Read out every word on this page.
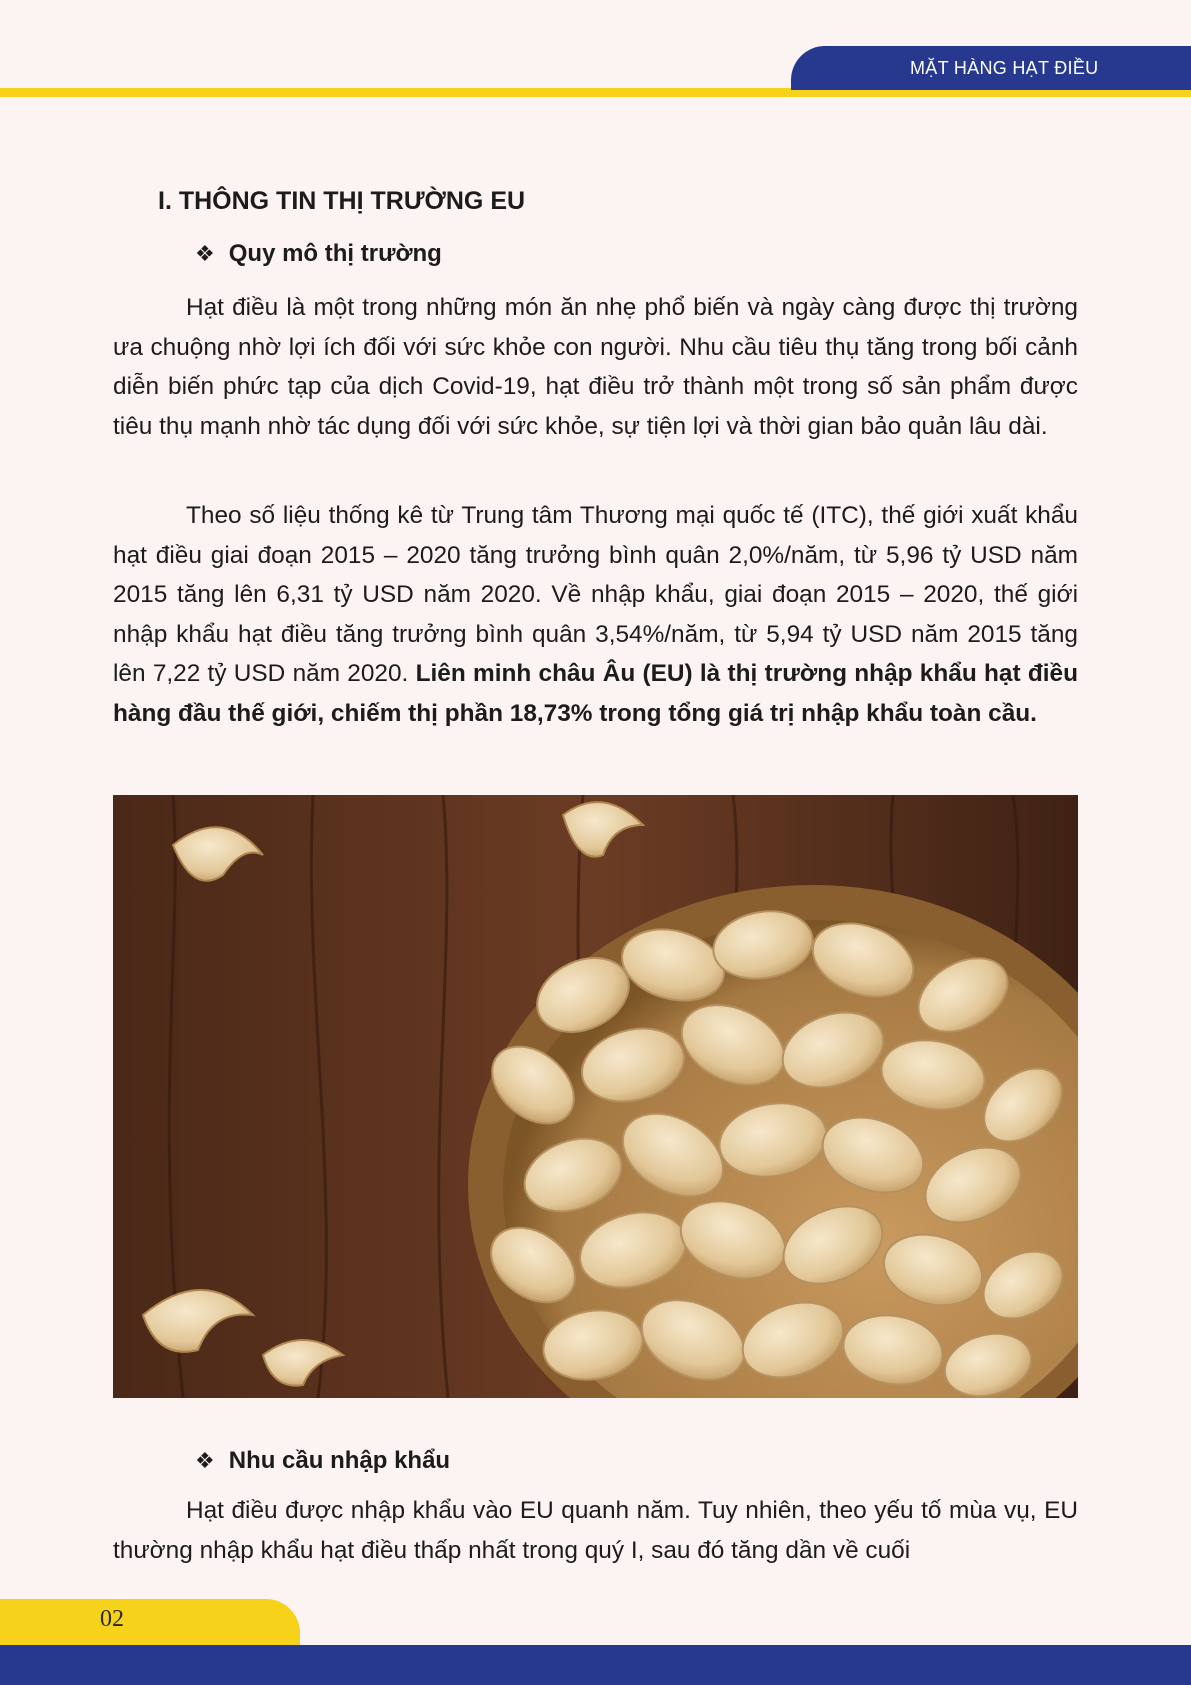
MẶT HÀNG HẠT ĐIỀU
I. THÔNG TIN THỊ TRƯỜNG EU
❖ Quy mô thị trường

Hạt điều là một trong những món ăn nhẹ phổ biến và ngày càng được thị trường ưa chuộng nhờ lợi ích đối với sức khỏe con người. Nhu cầu tiêu thụ tăng trong bối cảnh diễn biến phức tạp của dịch Covid-19, hạt điều trở thành một trong số sản phẩm được tiêu thụ mạnh nhờ tác dụng đối với sức khỏe, sự tiện lợi và thời gian bảo quản lâu dài.

Theo số liệu thống kê từ Trung tâm Thương mại quốc tế (ITC), thế giới xuất khẩu hạt điều giai đoạn 2015 – 2020 tăng trưởng bình quân 2,0%/năm, từ 5,96 tỷ USD năm 2015 tăng lên 6,31 tỷ USD năm 2020. Về nhập khẩu, giai đoạn 2015 – 2020, thế giới nhập khẩu hạt điều tăng trưởng bình quân 3,54%/năm, từ 5,94 tỷ USD năm 2015 tăng lên 7,22 tỷ USD năm 2020. Liên minh châu Âu (EU) là thị trường nhập khẩu hạt điều hàng đầu thế giới, chiếm thị phần 18,73% trong tổng giá trị nhập khẩu toàn cầu.

❖ Nhu cầu nhập khẩu

Hạt điều được nhập khẩu vào EU quanh năm. Tuy nhiên, theo yếu tố mùa vụ, EU thường nhập khẩu hạt điều thấp nhất trong quý I, sau đó tăng dần về cuối

02
